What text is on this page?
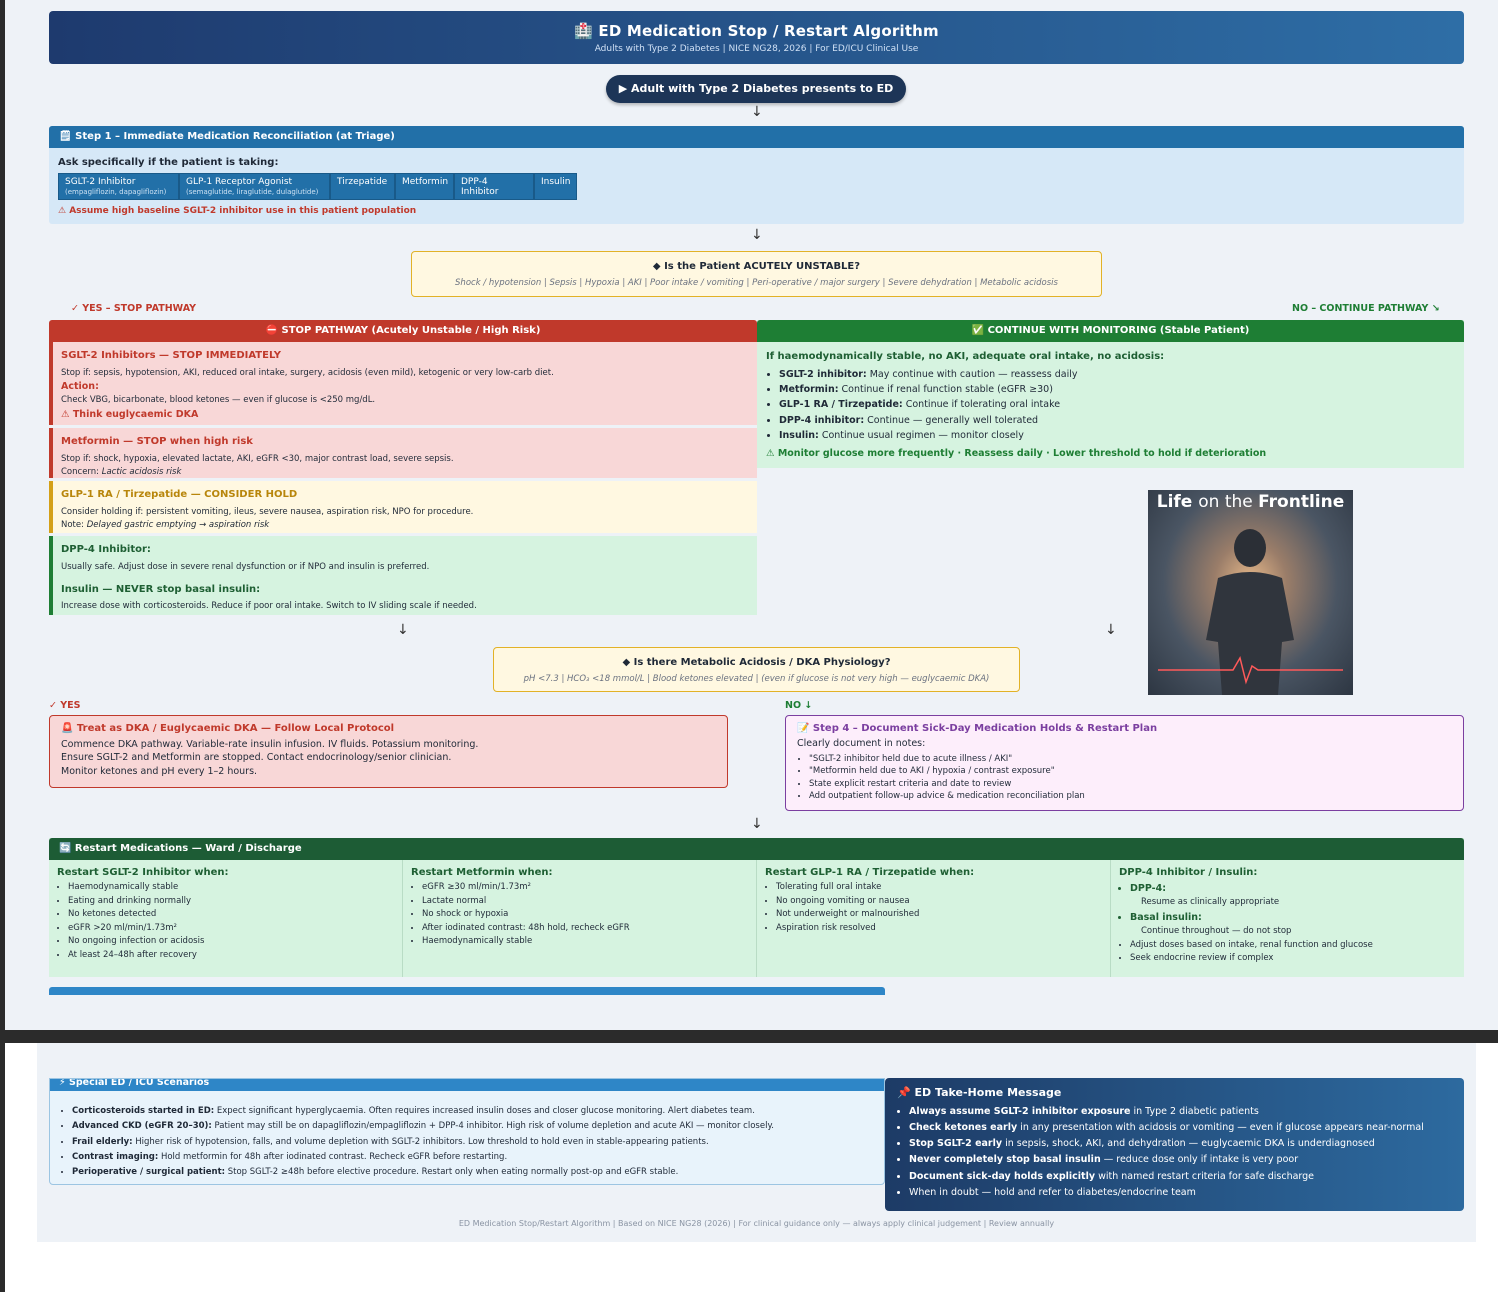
🏥 ED Medication Stop / Restart Algorithm
Adults with Type 2 Diabetes | NICE NG28, 2026 | For ED/ICU Clinical Use
▶ Adult with Type 2 Diabetes presents to ED
↓
🗒 Step 1 – Immediate Medication Reconciliation (at Triage)
Ask specifically if the patient is taking:
SGLT-2 Inhibitor
(empagliflozin, dapagliflozin)
GLP-1 Receptor Agonist
(semaglutide, liraglutide, dulaglutide)
Tirzepatide	Metformin	DPP-4 Inhibitor
Insulin
⚠ Assume high baseline SGLT-2 inhibitor use in this patient population
↓
◆ Is the Patient ACUTELY UNSTABLE?
Shock / hypotension | Sepsis | Hypoxia | AKI | Poor intake / vomiting | Peri-operative / major surgery | Severe dehydration | Metabolic acidosis
✓ YES – STOP PATHWAY	NO – CONTINUE PATHWAY ↘
⛔ STOP PATHWAY (Acutely Unstable / High Risk)
SGLT-2 Inhibitors — STOP IMMEDIATELY
Stop if: sepsis, hypotension, AKI, reduced oral intake, surgery, acidosis (even mild), ketogenic or very low-carb diet.
Action:
Check VBG, bicarbonate, blood ketones — even if glucose is <250 mg/dL.
⚠ Think euglycaemic DKA
Metformin — STOP when high risk
Stop if: shock, hypoxia, elevated lactate, AKI, eGFR <30, major contrast load, severe sepsis.
Concern: Lactic acidosis risk
GLP-1 RA / Tirzepatide — CONSIDER HOLD
Consider holding if: persistent vomiting, ileus, severe nausea, aspiration risk, NPO for procedure.
Note: Delayed gastric emptying → aspiration risk
DPP-4 Inhibitor:
Usually safe. Adjust dose in severe renal dysfunction or if NPO and insulin is preferred.
Insulin — NEVER stop basal insulin:
Increase dose with corticosteroids. Reduce if poor oral intake. Switch to IV sliding scale if needed.
✅ CONTINUE WITH MONITORING (Stable Patient)
If haemodynamically stable, no AKI, adequate oral intake, no acidosis:
• SGLT-2 inhibitor: May continue with caution — reassess daily
• Metformin: Continue if renal function stable (eGFR ≥30)
• GLP-1 RA / Tirzepatide: Continue if tolerating oral intake
• DPP-4 inhibitor: Continue — generally well tolerated
• Insulin: Continue usual regimen — monitor closely
⚠ Monitor glucose more frequently · Reassess daily · Lower threshold to hold if deterioration
Life on the Frontline
↓	↓
◆ Is there Metabolic Acidosis / DKA Physiology?
pH <7.3 | HCO₃ <18 mmol/L | Blood ketones elevated | (even if glucose is not very high — euglycaemic DKA)
✓ YES	NO ↓
🚨 Treat as DKA / Euglycaemic DKA — Follow Local Protocol
Commence DKA pathway. Variable-rate insulin infusion. IV fluids. Potassium monitoring.
Ensure SGLT-2 and Metformin are stopped. Contact endocrinology/senior clinician.
Monitor ketones and pH every 1–2 hours.
📝 Step 4 – Document Sick-Day Medication Holds & Restart Plan
Clearly document in notes:
• "SGLT-2 inhibitor held due to acute illness / AKI"
• "Metformin held due to AKI / hypoxia / contrast exposure"
• State explicit restart criteria and date to review
• Add outpatient follow-up advice & medication reconciliation plan
↓
🔄 Restart Medications — Ward / Discharge
Restart SGLT-2 Inhibitor when:
• Haemodynamically stable
• Eating and drinking normally
• No ketones detected
• eGFR >20 ml/min/1.73m²
• No ongoing infection or acidosis
• At least 24–48h after recovery
Restart Metformin when:
• eGFR ≥30 ml/min/1.73m²
• Lactate normal
• No shock or hypoxia
• After iodinated contrast: 48h hold, recheck eGFR
• Haemodynamically stable
Restart GLP-1 RA / Tirzepatide when:
• Tolerating full oral intake
• No ongoing vomiting or nausea
• Not underweight or malnourished
• Aspiration risk resolved
DPP-4 Inhibitor / Insulin:
• DPP-4:
Resume as clinically appropriate
• Basal insulin:
Continue throughout — do not stop
• Adjust doses based on intake, renal function and glucose
• Seek endocrine review if complex
⚡ Special ED / ICU Scenarios
• Corticosteroids started in ED: Expect significant hyperglycaemia. Often requires increased insulin doses and closer glucose monitoring. Alert diabetes team.
• Advanced CKD (eGFR 20–30): Patient may still be on dapagliflozin/empagliflozin + DPP-4 inhibitor. High risk of volume depletion and acute AKI — monitor closely.
• Frail elderly: Higher risk of hypotension, falls, and volume depletion with SGLT-2 inhibitors. Low threshold to hold even in stable-appearing patients.
• Contrast imaging: Hold metformin for 48h after iodinated contrast. Recheck eGFR before restarting.
• Perioperative / surgical patient: Stop SGLT-2 ≥48h before elective procedure. Restart only when eating normally post-op and eGFR stable.
📌 ED Take-Home Message
• Always assume SGLT-2 inhibitor exposure in Type 2 diabetic patients
• Check ketones early in any presentation with acidosis or vomiting — even if glucose appears near-normal
• Stop SGLT-2 early in sepsis, shock, AKI, and dehydration — euglycaemic DKA is underdiagnosed
• Never completely stop basal insulin — reduce dose only if intake is very poor
• Document sick-day holds explicitly with named restart criteria for safe discharge
• When in doubt — hold and refer to diabetes/endocrine team
ED Medication Stop/Restart Algorithm | Based on NICE NG28 (2026) | For clinical guidance only — always apply clinical judgement | Review annually
